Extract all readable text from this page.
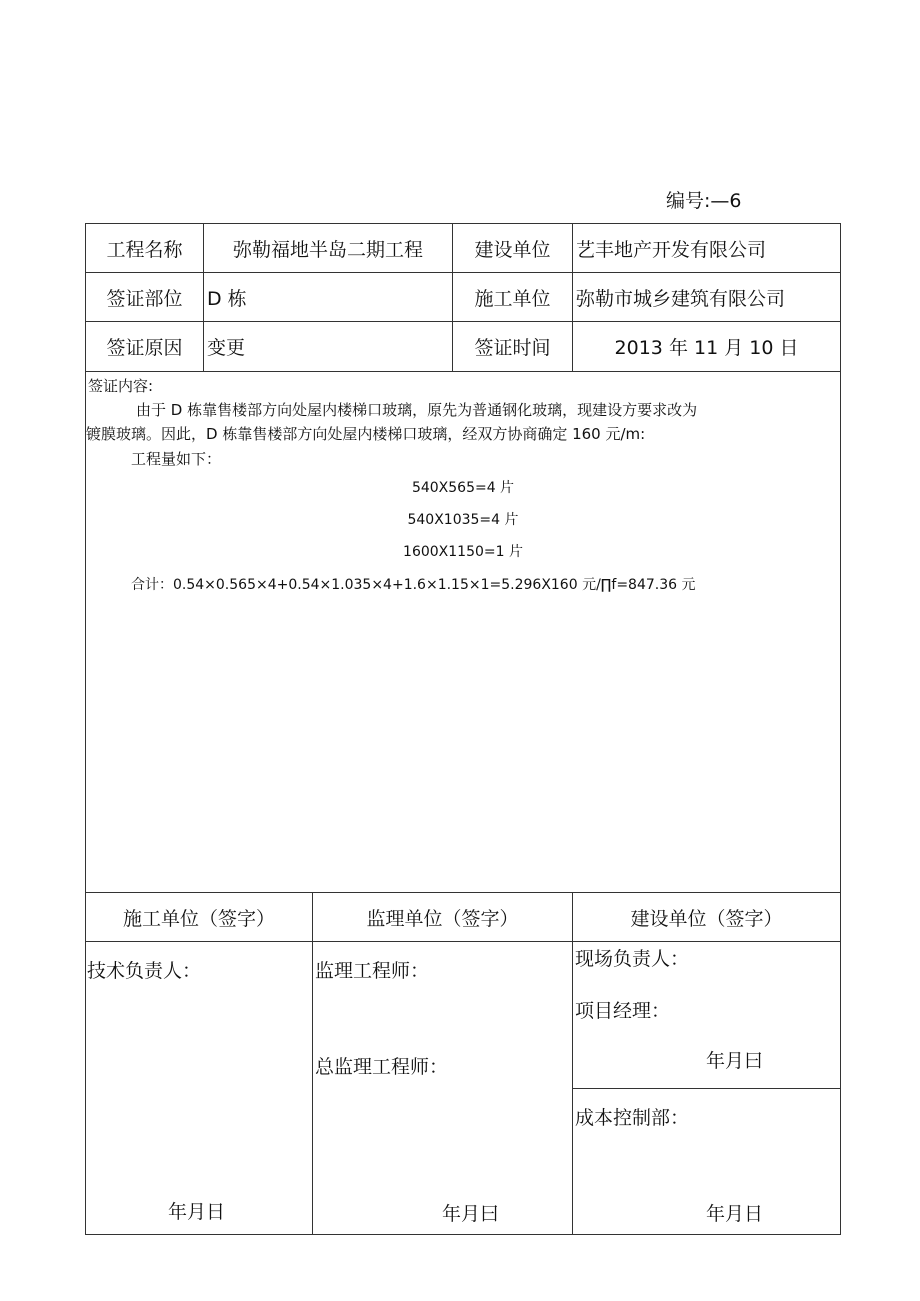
编号:—6
工程名称	弥勒福地半岛二期工程	建设单位	艺丰地产开发有限公司
签证部位	D 栋	施工单位	弥勒市城乡建筑有限公司
签证原因	变更	签证时间	2013 年 11 月 10 日
签证内容:
由于 D 栋靠售楼部方向处屋内楼梯口玻璃，原先为普通钢化玻璃，现建设方要求改为
镀膜玻璃。因此，D 栋靠售楼部方向处屋内楼梯口玻璃，经双方协商确定 160 元/m:
工程量如下：
540X565=4 片
540X1035=4 片
1600X1150=1 片
合计：0.54×0.565×4+0.54×1.035×4+1.6×1.15×1=5.296X160 元/∏f=847.36 元
施工单位（签字）	监理单位（签字）	建设单位（签字）
技术负责人：
年月日
监理工程师：
总监理工程师：
年月曰
现场负责人：
项目经理：
年月曰
成本控制部：
年月日
